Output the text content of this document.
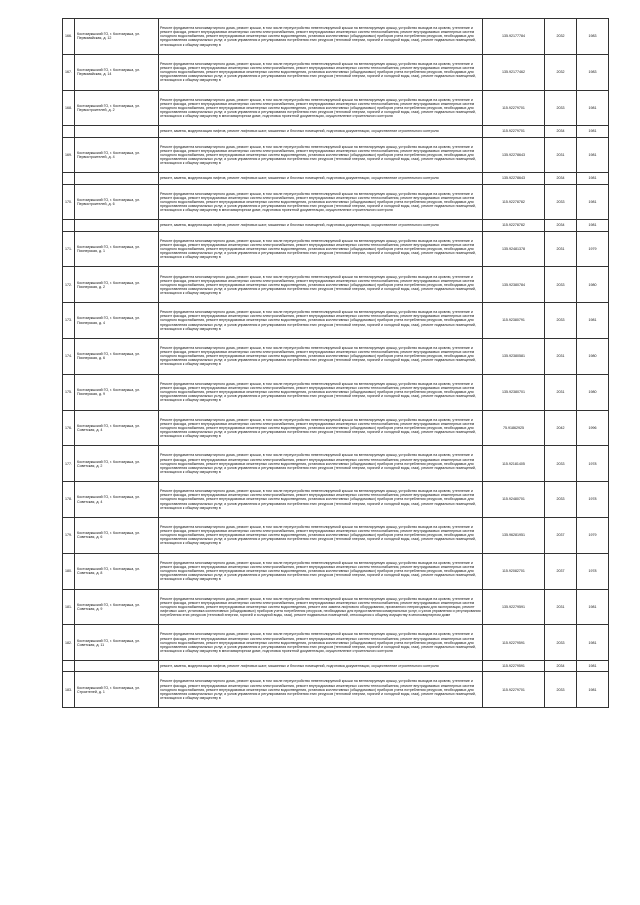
166.	Костомукшский ГО, г. Костомукша, ул. Первомайская, д. 12	Ремонт фундамента многоквартирного дома, ремонт крыши, в том числе переустройство невентилируемой крыши на вентилируемую крышу, устройство выходов на кровлю, утепление и ремонт фасада, ремонт внутридомовых инженерных систем электроснабжения, ремонт внутридомовых инженерных систем теплоснабжения, ремонт внутридомовых инженерных систем холодного водоснабжения, ремонт внутридомовых инженерных систем водоотведения, установка коллективных (общедомовых) приборов учета потребления ресурсов, необходимых для предоставления коммунальных услуг, и узлов управления и регулирования потребления этих ресурсов (тепловой энергии, горячей и холодной воды, газа), ремонт подвальных помещений, относящихся к общему имуществу в	135.92177784	2032	1983
167.	Костомукшский ГО, г. Костомукша, ул. Первомайская, д. 14	Ремонт фундамента многоквартирного дома, ремонт крыши, в том числе переустройство невентилируемой крыши на вентилируемую крышу, устройство выходов на кровлю, утепление и ремонт фасада, ремонт внутридомовых инженерных систем электроснабжения, ремонт внутридомовых инженерных систем теплоснабжения, ремонт внутридомовых инженерных систем холодного водоснабжения, ремонт внутридомовых инженерных систем водоотведения, установка коллективных (общедомовых) приборов учета потребления ресурсов, необходимых для предоставления коммунальных услуг, и узлов управления и регулирования потребления этих ресурсов (тепловой энергии, горячей и холодной воды, газа), ремонт подвальных помещений, относящихся к общему имуществу в	135.92177462	2032	1983
168.	Костомукшский ГО, г. Костомукша, ул. Первостроителей, д. 2	Ремонт фундамента многоквартирного дома, ремонт крыши, в том числе переустройство невентилируемой крыши на вентилируемую крышу, устройство выходов на кровлю, утепление и ремонт фасада, ремонт внутридомовых инженерных систем электроснабжения, ремонт внутридомовых инженерных систем теплоснабжения, ремонт внутридомовых инженерных систем холодного водоснабжения, ремонт внутридомовых инженерных систем водоотведения, установка коллективных (общедомовых) приборов учета потребления ресурсов, необходимых для предоставления коммунальных услуг, и узлов управления и регулирования потребления этих ресурсов (тепловой энергии, горячей и холодной воды, газа), ремонт подвальных помещений, относящихся к общему имуществу в многоквартирном доме, подготовка проектной документации, осуществление строительного контроля	115.92279701	2033	1981
		ремонт, замена, модернизация лифтов, ремонт лифтовых шахт, машинных и блочных помещений, подготовка документации, осуществление строительного контроля	115.92279701	2034	1981
169.	Костомукшский ГО, г. Костомукша, ул. Первостроителей, д. 4	Ремонт фундамента многоквартирного дома, ремонт крыши, в том числе переустройство невентилируемой крыши на вентилируемую крышу, устройство выходов на кровлю, утепление и ремонт фасада, ремонт внутридомовых инженерных систем электроснабжения, ремонт внутридомовых инженерных систем теплоснабжения, ремонт внутридомовых инженерных систем холодного водоснабжения, ремонт внутридомовых инженерных систем водоотведения, установка коллективных (общедомовых) приборов учета потребления ресурсов, необходимых для предоставления коммунальных услуг, и узлов управления и регулирования потребления этих ресурсов (тепловой энергии, горячей и холодной воды, газа), ремонт подвальных помещений, относящихся к общему имуществу в	135.92278643	2031	1981
		ремонт, замена, модернизация лифтов, ремонт лифтовых шахт, машинных и блочных помещений, подготовка документации, осуществление строительного контроля	135.92278643	2034	1981
170.	Костомукшский ГО, г. Костомукша, ул. Первостроителей, д. 6	Ремонт фундамента многоквартирного дома, ремонт крыши, в том числе переустройство невентилируемой крыши на вентилируемую крышу, устройство выходов на кровлю, утепление и ремонт фасада, ремонт внутридомовых инженерных систем электроснабжения, ремонт внутридомовых инженерных систем теплоснабжения, ремонт внутридомовых инженерных систем холодного водоснабжения, ремонт внутридомовых инженерных систем водоотведения, установка коллективных (общедомовых) приборов учета потребления ресурсов, необходимых для предоставления коммунальных услуг, и узлов управления и регулирования потребления этих ресурсов (тепловой энергии, горячей и холодной воды, газа), ремонт подвальных помещений, относящихся к общему имуществу в многоквартирном доме, подготовка проектной документации, осуществление строительного контроля	115.92278782	2033	1981
		ремонт, замена, модернизация лифтов, ремонт лифтовых шахт, машинных и блочных помещений, подготовка документации, осуществление строительного контроля	115.92278782	2034	1981
171.	Костомукшский ГО, г. Костомукша, ул. Пионерская, д. 1	Ремонт фундамента многоквартирного дома, ремонт крыши, в том числе переустройство невентилируемой крыши на вентилируемую крышу, устройство выходов на кровлю, утепление и ремонт фасада, ремонт внутридомовых инженерных систем электроснабжения, ремонт внутридомовых инженерных систем теплоснабжения, ремонт внутридомовых инженерных систем холодного водоснабжения, ремонт внутридомовых инженерных систем водоотведения, установка коллективных (общедомовых) приборов учета потребления ресурсов, необходимых для предоставления коммунальных услуг, и узлов управления и регулирования потребления этих ресурсов (тепловой энергии, горячей и холодной воды, газа), ремонт подвальных помещений, относящихся к общему имуществу в	135.92481378	2031	1979
172.	Костомукшский ГО, г. Костомукша, ул. Пионерская, д. 2	Ремонт фундамента многоквартирного дома, ремонт крыши, в том числе переустройство невентилируемой крыши на вентилируемую крышу, устройство выходов на кровлю, утепление и ремонт фасада, ремонт внутридомовых инженерных систем электроснабжения, ремонт внутридомовых инженерных систем теплоснабжения, ремонт внутридомовых инженерных систем холодного водоснабжения, ремонт внутридомовых инженерных систем водоотведения, установка коллективных (общедомовых) приборов учета потребления ресурсов, необходимых для предоставления коммунальных услуг, и узлов управления и регулирования потребления этих ресурсов (тепловой энергии, горячей и холодной воды, газа), ремонт подвальных помещений, относящихся к общему имуществу в	135.92380784	2033	1980
173.	Костомукшский ГО, г. Костомукша, ул. Пионерская, д. 4	Ремонт фундамента многоквартирного дома, ремонт крыши, в том числе переустройство невентилируемой крыши на вентилируемую крышу, устройство выходов на кровлю, утепление и ремонт фасада, ремонт внутридомовых инженерных систем электроснабжения, ремонт внутридомовых инженерных систем теплоснабжения, ремонт внутридомовых инженерных систем холодного водоснабжения, ремонт внутридомовых инженерных систем водоотведения, установка коллективных (общедомовых) приборов учета потребления ресурсов, необходимых для предоставления коммунальных услуг, и узлов управления и регулирования потребления этих ресурсов (тепловой энергии, горячей и холодной воды, газа), ремонт подвальных помещений, относящихся к общему имуществу в	115.92380791	2033	1981
174.	Костомукшский ГО, г. Костомукша, ул. Пионерская, д. 6	Ремонт фундамента многоквартирного дома, ремонт крыши, в том числе переустройство невентилируемой крыши на вентилируемую крышу, устройство выходов на кровлю, утепление и ремонт фасада, ремонт внутридомовых инженерных систем электроснабжения, ремонт внутридомовых инженерных систем теплоснабжения, ремонт внутридомовых инженерных систем холодного водоснабжения, ремонт внутридомовых инженерных систем водоотведения, установка коллективных (общедомовых) приборов учета потребления ресурсов, необходимых для предоставления коммунальных услуг, и узлов управления и регулирования потребления этих ресурсов (тепловой энергии, горячей и холодной воды, газа), ремонт подвальных помещений, относящихся к общему имуществу в	135.92380581	2031	1980
175.	Костомукшский ГО, г. Костомукша, ул. Пионерская, д. 9	Ремонт фундамента многоквартирного дома, ремонт крыши, в том числе переустройство невентилируемой крыши на вентилируемую крышу, устройство выходов на кровлю, утепление и ремонт фасада, ремонт внутридомовых инженерных систем электроснабжения, ремонт внутридомовых инженерных систем теплоснабжения, ремонт внутридомовых инженерных систем холодного водоснабжения, ремонт внутридомовых инженерных систем водоотведения, установка коллективных (общедомовых) приборов учета потребления ресурсов, необходимых для предоставления коммунальных услуг, и узлов управления и регулирования потребления этих ресурсов (тепловой энергии, горячей и холодной воды, газа), ремонт подвальных помещений, относящихся к общему имуществу в	135.92380701	2031	1980
176.	Костомукшский ГО, г. Костомукша, ул. Советская, д. 4	Ремонт фундамента многоквартирного дома, ремонт крыши, в том числе переустройство невентилируемой крыши на вентилируемую крышу, устройство выходов на кровлю, утепление и ремонт фасада, ремонт внутридомовых инженерных систем электроснабжения, ремонт внутридомовых инженерных систем теплоснабжения, ремонт внутридомовых инженерных систем холодного водоснабжения, ремонт внутридомовых инженерных систем водоотведения, установка коллективных (общедомовых) приборов учета потребления ресурсов, необходимых для предоставления коммунальных услуг, и узлов управления и регулирования потребления этих ресурсов (тепловой энергии, горячей и холодной воды, газа), ремонт подвальных помещений, относящихся к общему имуществу в	75.91862925	2042	1996
177.	Костомукшский ГО, г. Костомукша, ул. Советская, д. 2	Ремонт фундамента многоквартирного дома, ремонт крыши, в том числе переустройство невентилируемой крыши на вентилируемую крышу, устройство выходов на кровлю, утепление и ремонт фасада, ремонт внутридомовых инженерных систем электроснабжения, ремонт внутридомовых инженерных систем теплоснабжения, ремонт внутридомовых инженерных систем холодного водоснабжения, ремонт внутридомовых инженерных систем водоотведения, установка коллективных (общедомовых) приборов учета потребления ресурсов, необходимых для предоставления коммунальных услуг, и узлов управления и регулирования потребления этих ресурсов (тепловой энергии, горячей и холодной воды, газа), ремонт подвальных помещений, относящихся к общему имуществу в	115.92181405	2033	1978
178.	Костомукшский ГО, г. Костомукша, ул. Советская, д. 4	Ремонт фундамента многоквартирного дома, ремонт крыши, в том числе переустройство невентилируемой крыши на вентилируемую крышу, устройство выходов на кровлю, утепление и ремонт фасада, ремонт внутридомовых инженерных систем электроснабжения, ремонт внутридомовых инженерных систем теплоснабжения, ремонт внутридомовых инженерных систем холодного водоснабжения, ремонт внутридомовых инженерных систем водоотведения, установка коллективных (общедомовых) приборов учета потребления ресурсов, необходимых для предоставления коммунальных услуг, и узлов управления и регулирования потребления этих ресурсов (тепловой энергии, горячей и холодной воды, газа), ремонт подвальных помещений, относящихся к общему имуществу в	115.92480701	2033	1978
179.	Костомукшский ГО, г. Костомукша, ул. Советская, д. 6	Ремонт фундамента многоквартирного дома, ремонт крыши, в том числе переустройство невентилируемой крыши на вентилируемую крышу, устройство выходов на кровлю, утепление и ремонт фасада, ремонт внутридомовых инженерных систем электроснабжения, ремонт внутридомовых инженерных систем теплоснабжения, ремонт внутридомовых инженерных систем холодного водоснабжения, ремонт внутридомовых инженерных систем водоотведения, установка коллективных (общедомовых) приборов учета потребления ресурсов, необходимых для предоставления коммунальных услуг, и узлов управления и регулирования потребления этих ресурсов (тепловой энергии, горячей и холодной воды, газа), ремонт подвальных помещений, относящихся к общему имуществу в	135.96281951	2037	1979
180.	Костомукшский ГО, г. Костомукша, ул. Советская, д. 8	Ремонт фундамента многоквартирного дома, ремонт крыши, в том числе переустройство невентилируемой крыши на вентилируемую крышу, устройство выходов на кровлю, утепление и ремонт фасада, ремонт внутридомовых инженерных систем электроснабжения, ремонт внутридомовых инженерных систем теплоснабжения, ремонт внутридомовых инженерных систем холодного водоснабжения, ремонт внутридомовых инженерных систем водоотведения, установка коллективных (общедомовых) приборов учета потребления ресурсов, необходимых для предоставления коммунальных услуг, и узлов управления и регулирования потребления этих ресурсов (тепловой энергии, горячей и холодной воды, газа), ремонт подвальных помещений, относящихся к общему имуществу в	115.92082701	2037	1978
181.	Костомукшский ГО, г. Костомукша, ул. Советская, д. 9	Ремонт фундамента многоквартирного дома, ремонт крыши, в том числе переустройство невентилируемой крыши на вентилируемую крышу, устройство выходов на кровлю, утепление и ремонт фасада, ремонт внутридомовых инженерных систем электроснабжения, ремонт внутридомовых инженерных систем теплоснабжения, ремонт внутридомовых инженерных систем холодного водоснабжения, ремонт внутридомовых инженерных систем водоотведения, ремонт или замена лифтового оборудования, признанного непригодным для эксплуатации, ремонт лифтовых шахт, установка коллективных (общедомовых) приборов учета потребления ресурсов, необходимых для предоставления коммунальных услуг, и узлов управления и регулирования потребления этих ресурсов (тепловой энергии, горячей и холодной воды, газа), ремонт подвальных помещений, относящихся к общему имуществу в многоквартирном доме	135.92279591	2031	1981
182.	Костомукшский ГО, г. Костомукша, ул. Советская, д. 11	Ремонт фундамента многоквартирного дома, ремонт крыши, в том числе переустройство невентилируемой крыши на вентилируемую крышу, устройство выходов на кровлю, утепление и ремонт фасада, ремонт внутридомовых инженерных систем электроснабжения, ремонт внутридомовых инженерных систем теплоснабжения, ремонт внутридомовых инженерных систем холодного водоснабжения, ремонт внутридомовых инженерных систем водоотведения, установка коллективных (общедомовых) приборов учета потребления ресурсов, необходимых для предоставления коммунальных услуг, и узлов управления и регулирования потребления этих ресурсов (тепловой энергии, горячей и холодной воды, газа), ремонт подвальных помещений, относящихся к общему имуществу в многоквартирном доме, подготовка проектной документации, осуществление строительного контроля	115.92279591	2033	1981
		ремонт, замена, модернизация лифтов, ремонт лифтовых шахт, машинных и блочных помещений, подготовка документации, осуществление строительного контроля	115.92279591	2034	1981
183.	Костомукшский ГО, г. Костомукша, ул. Строителей, д. 1	Ремонт фундамента многоквартирного дома, ремонт крыши, в том числе переустройство невентилируемой крыши на вентилируемую крышу, устройство выходов на кровлю, утепление и ремонт фасада, ремонт внутридомовых инженерных систем электроснабжения, ремонт внутридомовых инженерных систем теплоснабжения, ремонт внутридомовых инженерных систем холодного водоснабжения, ремонт внутридомовых инженерных систем водоотведения, установка коллективных (общедомовых) приборов учета потребления ресурсов, необходимых для предоставления коммунальных услуг, и узлов управления и регулирования потребления этих ресурсов (тепловой энергии, горячей и холодной воды, газа), ремонт подвальных помещений, относящихся к общему имуществу в	115.92279701	2033	1981
